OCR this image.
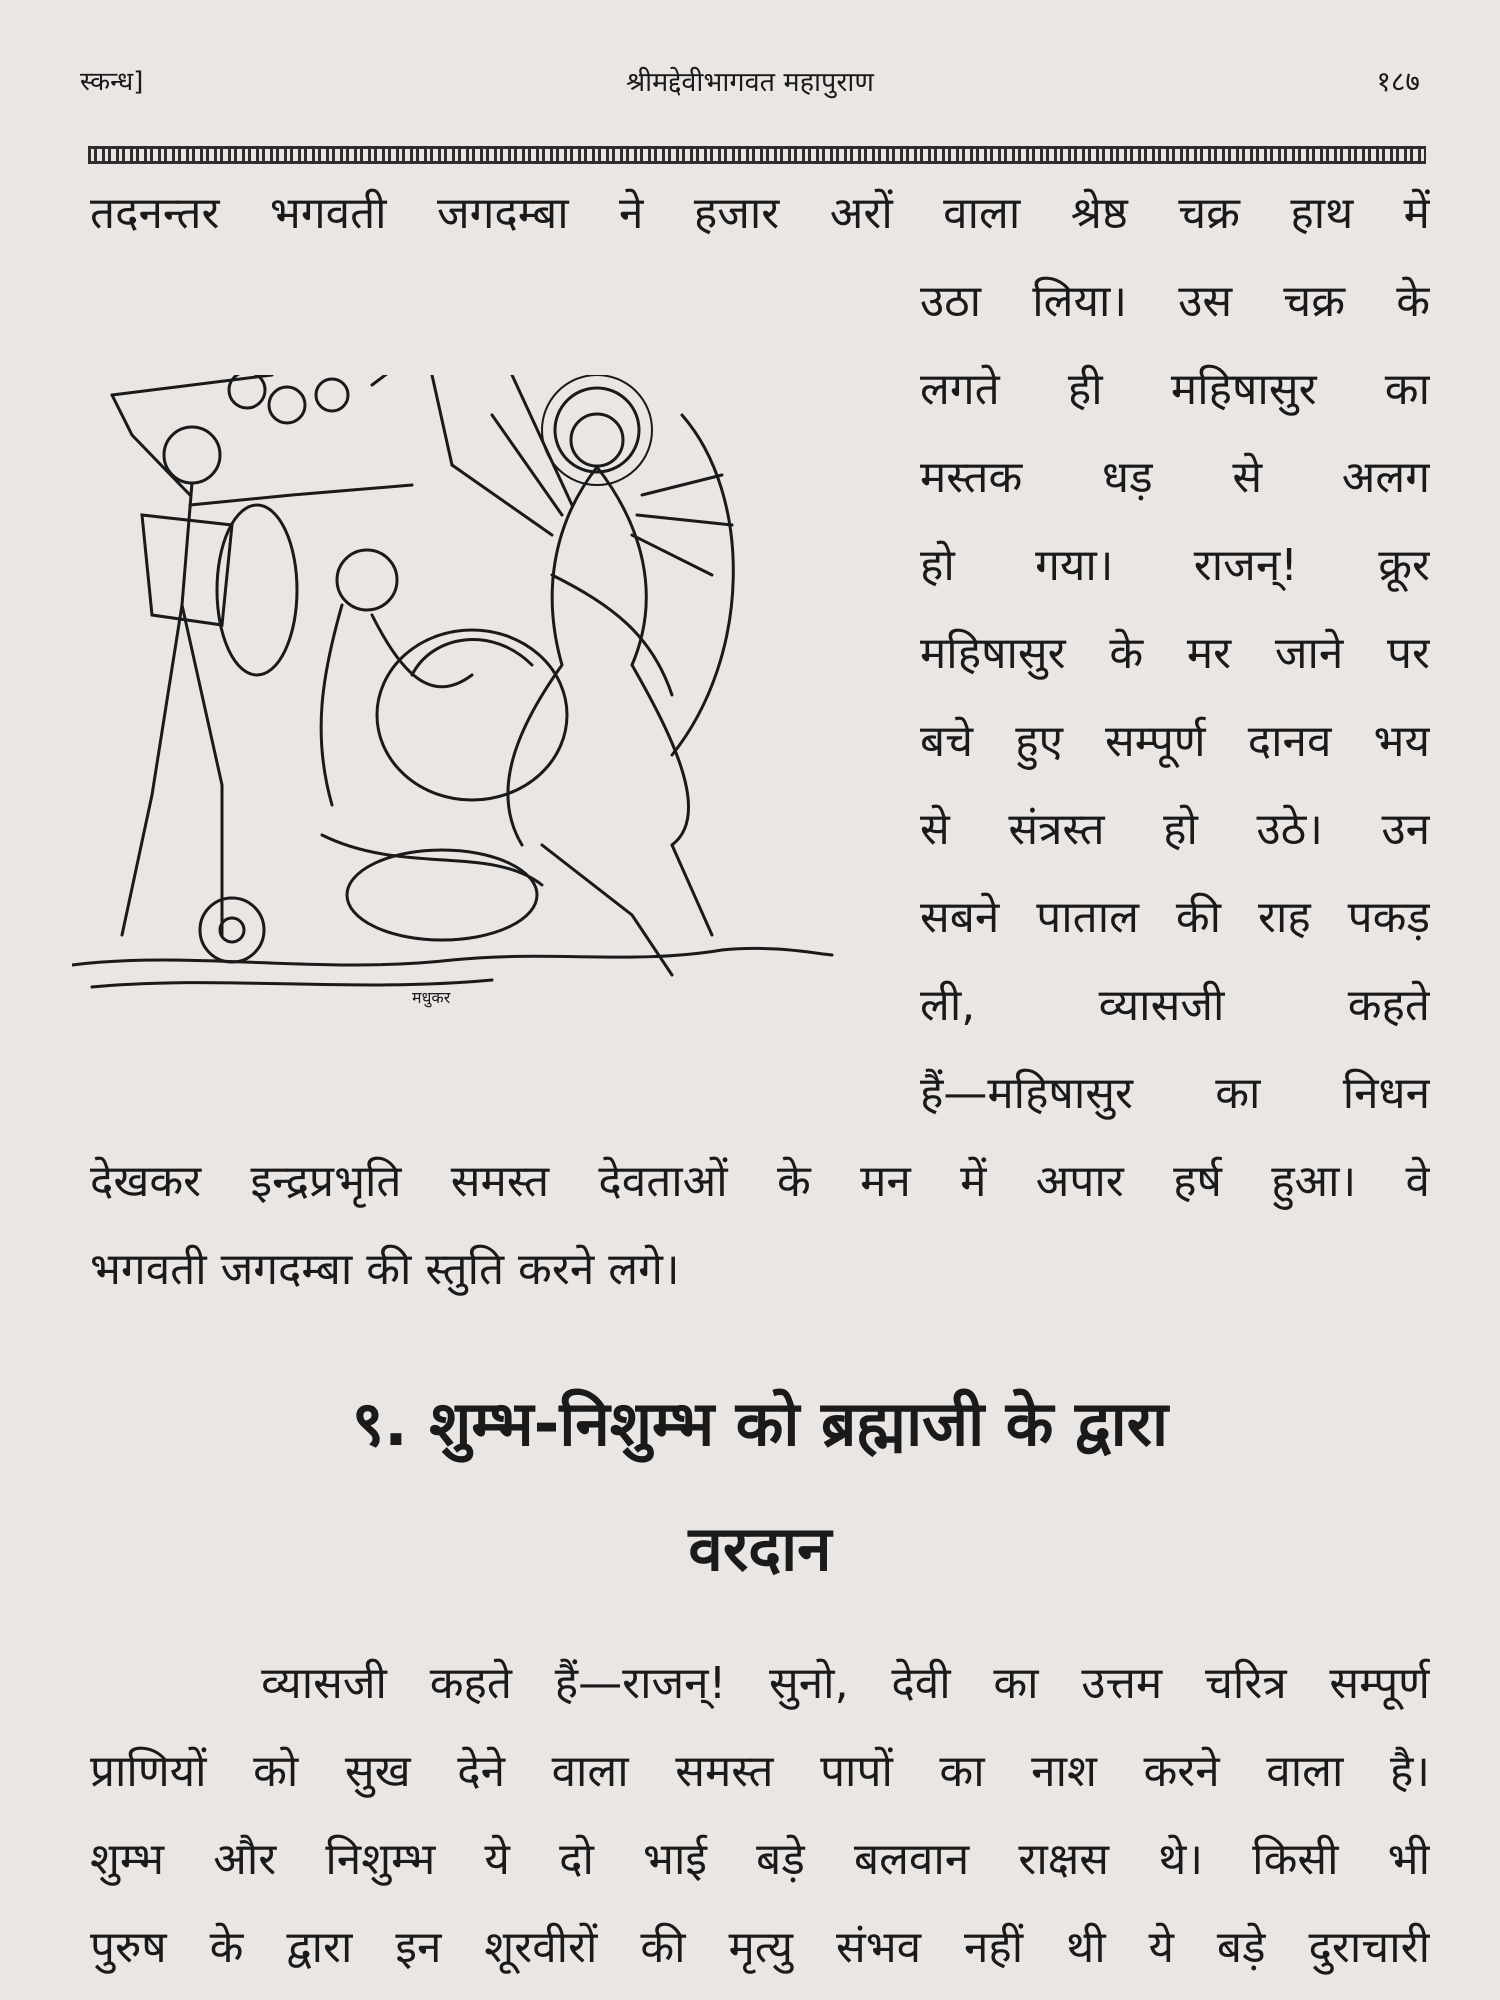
स्कन्ध]	श्रीमद्देवीभागवत महापुराण	१८७
तदनन्तर भगवती जगदम्बा ने हजार अरों वाला श्रेष्ठ चक्र हाथ में
उठा लिया। उस चक्र के
लगते ही महिषासुर का
मस्तक धड़ से अलग
हो गया। राजन्! क्रूर
महिषासुर के मर जाने पर
बचे हुए सम्पूर्ण दानव भय
से संत्रस्त हो उठे। उन
सबने पाताल की राह पकड़
ली, व्यासजी कहते
हैं—महिषासुर का निधन
मधुकर
देखकर इन्द्रप्रभृति समस्त देवताओं के मन में अपार हर्ष हुआ। वे
भगवती जगदम्बा की स्तुति करने लगे।
९. शुम्भ-निशुम्भ को ब्रह्माजी के द्वारा
वरदान
व्यासजी कहते हैं—राजन्! सुनो, देवी का उत्तम चरित्र सम्पूर्ण
प्राणियों को सुख देने वाला समस्त पापों का नाश करने वाला है।
शुम्भ और निशुम्भ ये दो भाई बड़े बलवान राक्षस थे। किसी भी
पुरुष के द्वारा इन शूरवीरों की मृत्यु संभव नहीं थी ये बड़े दुराचारी
